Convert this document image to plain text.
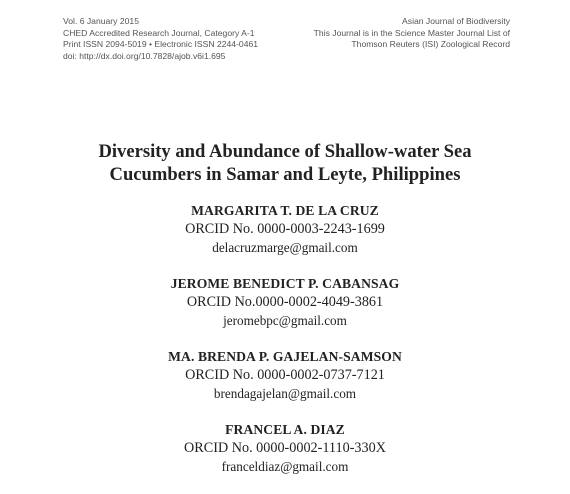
Vol. 6 January 2015
CHED Accredited Research Journal, Category A-1
Print ISSN 2094-5019 • Electronic ISSN 2244-0461
doi: http://dx.doi.org/10.7828/ajob.v6i1.695
Asian Journal of Biodiversity
This Journal is in the Science Master Journal List of
Thomson Reuters (ISI) Zoological Record
Diversity and Abundance of Shallow-water Sea
Cucumbers in Samar and Leyte, Philippines
MARGARITA T. DE LA CRUZ
ORCID No. 0000-0003-2243-1699
delacruzmarge@gmail.com
JEROME BENEDICT P. CABANSAG
ORCID No.0000-0002-4049-3861
jeromebpc@gmail.com
MA. BRENDA P. GAJELAN-SAMSON
ORCID No. 0000-0002-0737-7121
brendagajelan@gmail.com
FRANCEL A. DIAZ
ORCID No. 0000-0002-1110-330X
franceldiaz@gmail.com
